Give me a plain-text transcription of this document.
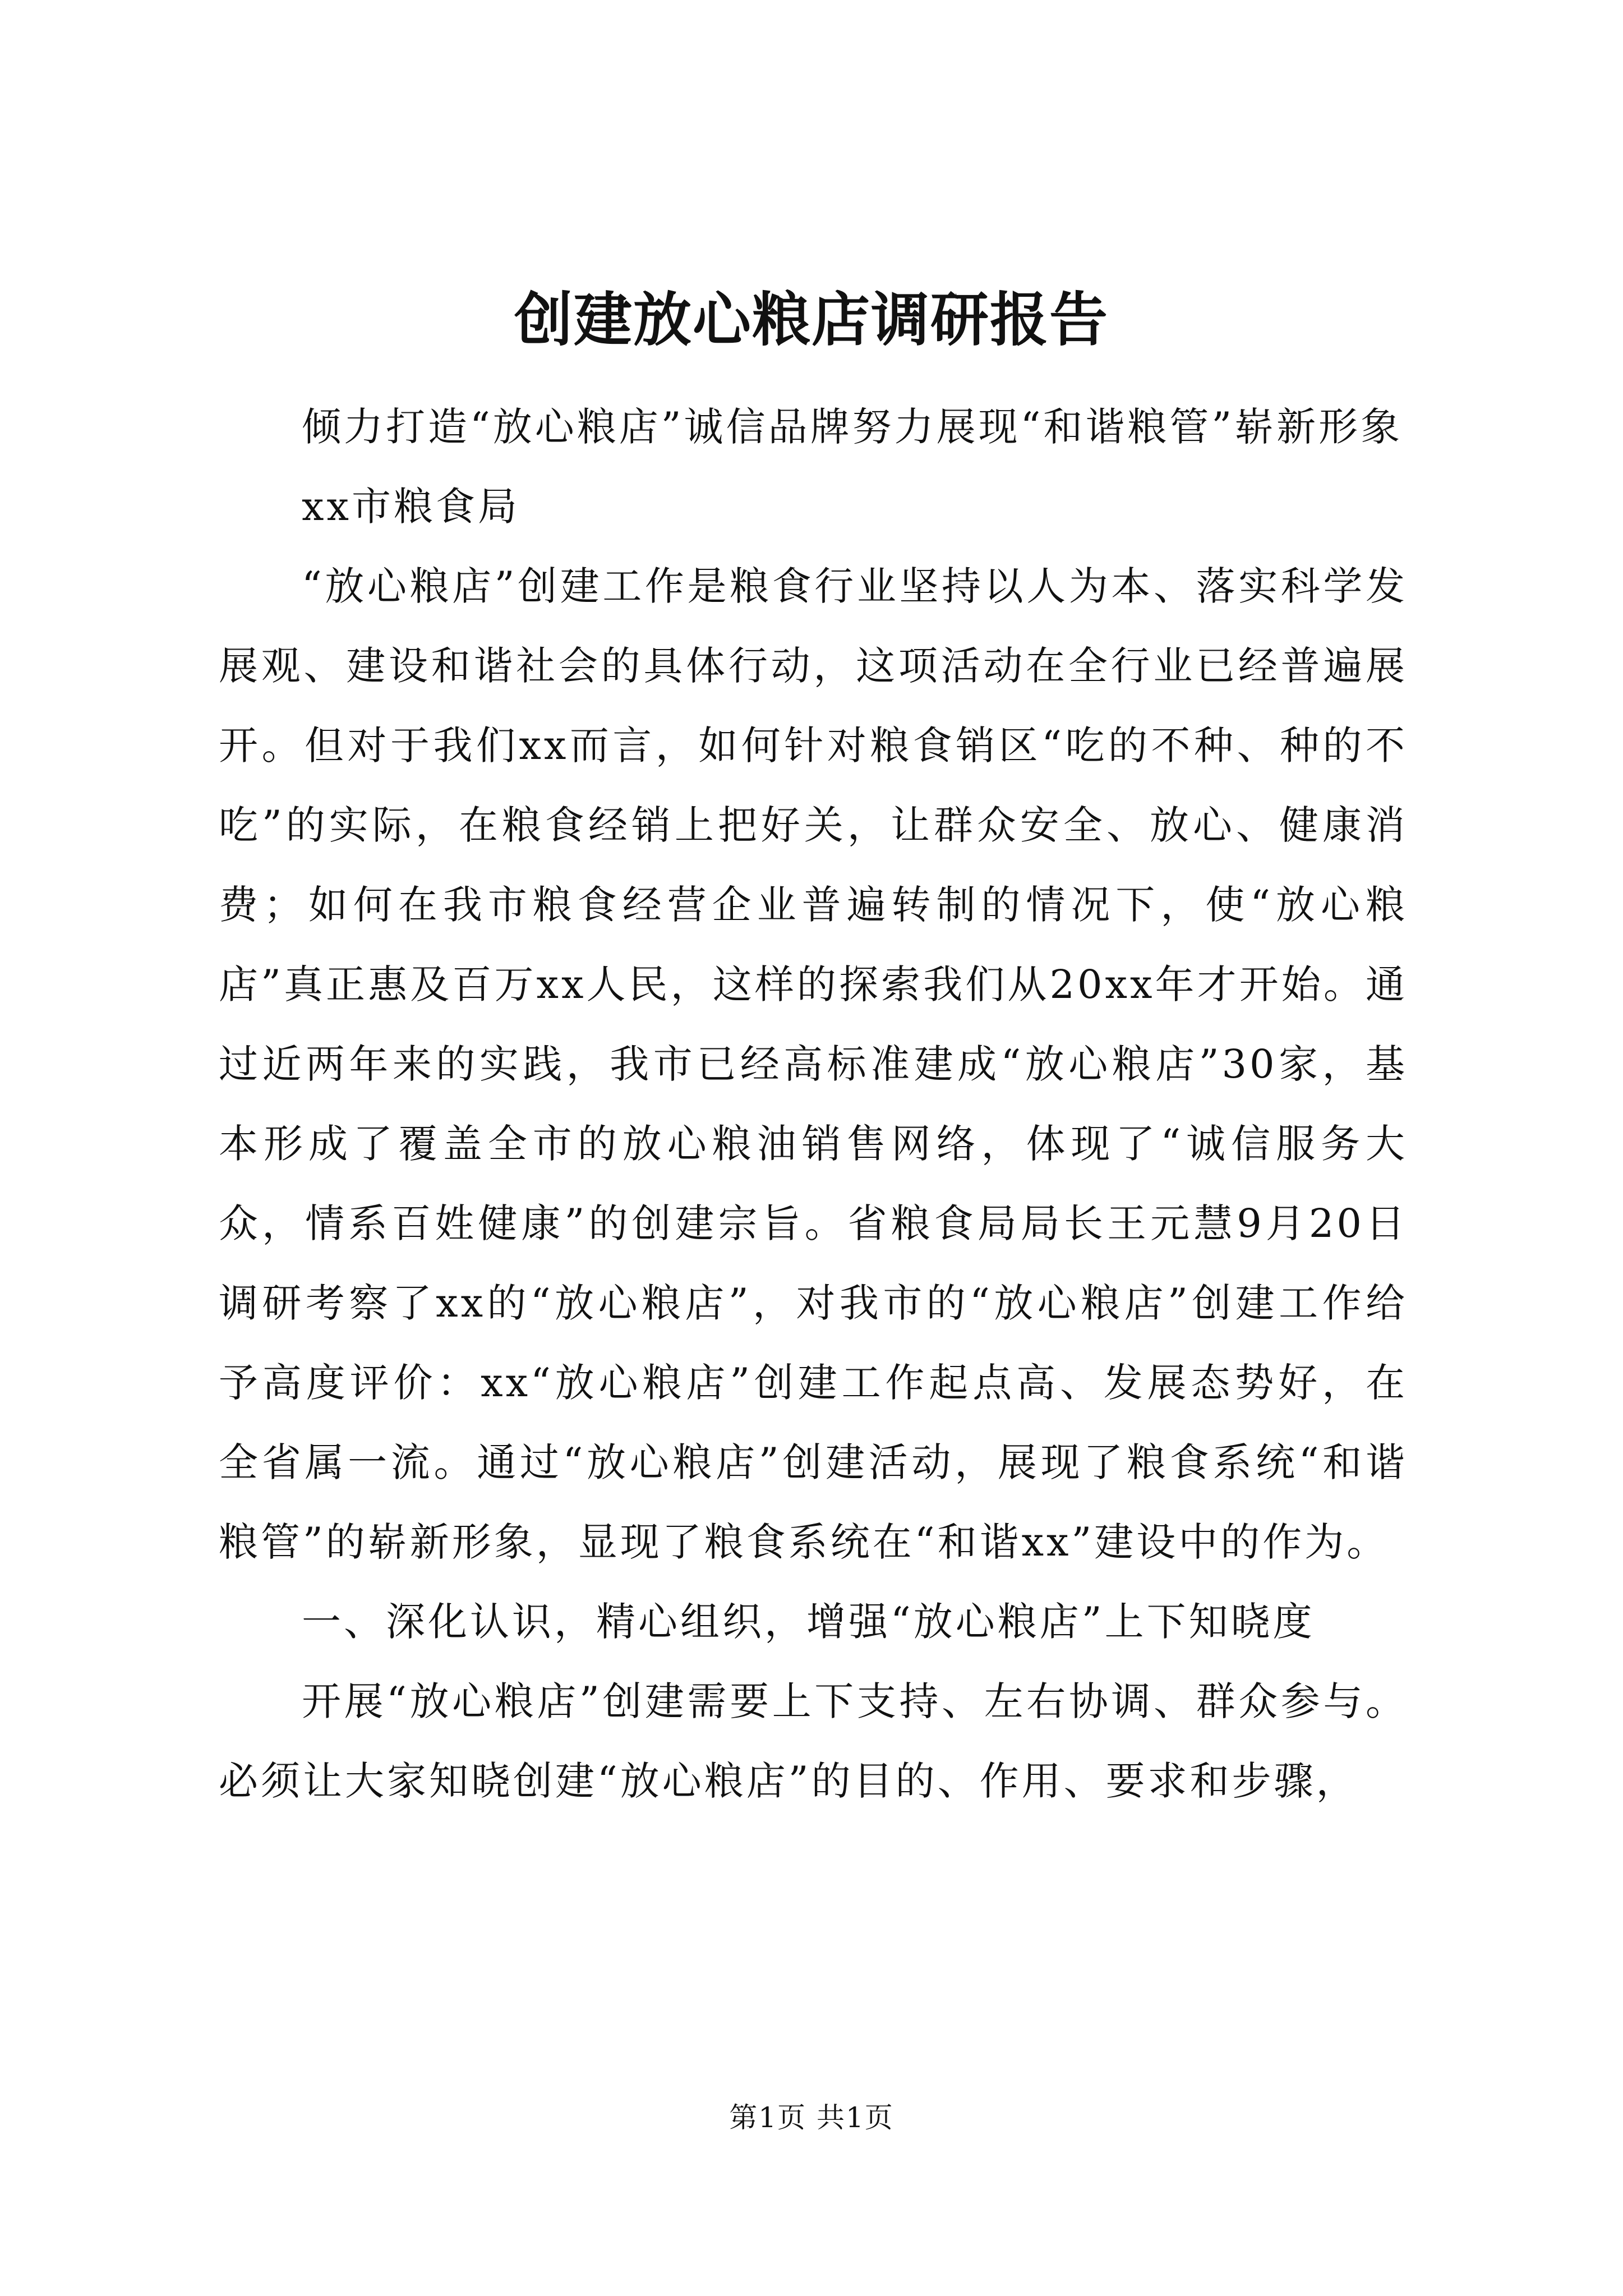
创建放心粮店调研报告

倾力打造“放心粮店”诚信品牌努力展现“和谐粮管”崭新形象

xx市粮食局

“放心粮店”创建工作是粮食行业坚持以人为本、落实科学发展观、建设和谐社会的具体行动，这项活动在全行业已经普遍展开。但对于我们xx而言，如何针对粮食销区“吃的不种、种的不吃”的实际，在粮食经销上把好关，让群众安全、放心、健康消费；如何在我市粮食经营企业普遍转制的情况下，使“放心粮店”真正惠及百万xx人民，这样的探索我们从20xx年才开始。通过近两年来的实践，我市已经高标准建成“放心粮店”30家，基本形成了覆盖全市的放心粮油销售网络，体现了“诚信服务大众，情系百姓健康”的创建宗旨。省粮食局局长王元慧9月20日调研考察了xx的“放心粮店”，对我市的“放心粮店”创建工作给予高度评价：xx“放心粮店”创建工作起点高、发展态势好，在全省属一流。通过“放心粮店”创建活动，展现了粮食系统“和谐粮管”的崭新形象，显现了粮食系统在“和谐xx”建设中的作为。

一、深化认识，精心组织，增强“放心粮店”上下知晓度

开展“放心粮店”创建需要上下支持、左右协调、群众参与。必须让大家知晓创建“放心粮店”的目的、作用、要求和步骤，

第1页 共1页
